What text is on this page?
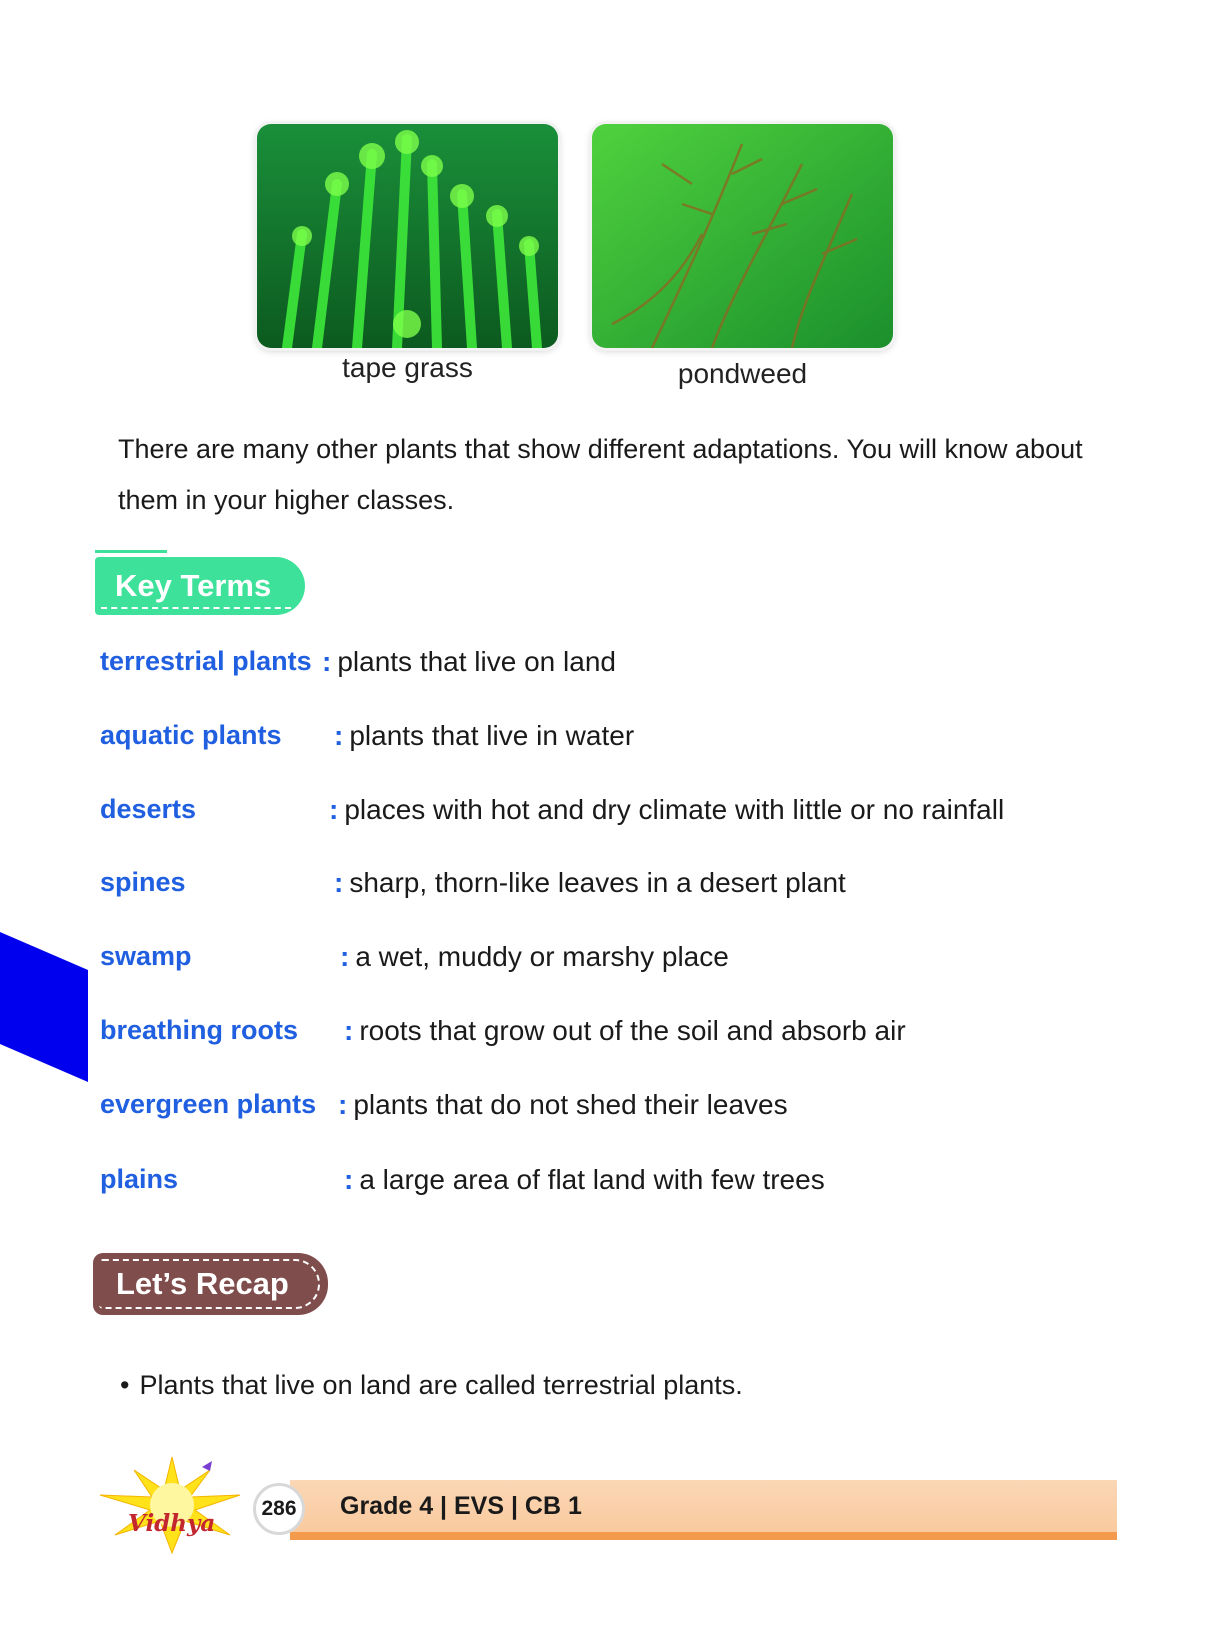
tape grass	pondweed

There are many other plants that show different adaptations. You will know about them in your higher classes.

Key Terms
terrestrial plants : plants that live on land
aquatic plants : plants that live in water
deserts	: places with hot and dry climate with little or no rainfall
spines	: sharp, thorn-like leaves in a desert plant
swamp	: a wet, muddy or marshy place
breathing roots : roots that grow out of the soil and absorb air
evergreen plants : plants that do not shed their leaves
plains	: a large area of flat land with few trees
Let’s Recap
• Plants that live on land are called terrestrial plants.
Vidhya
286	Grade 4 | EVS | CB 1
